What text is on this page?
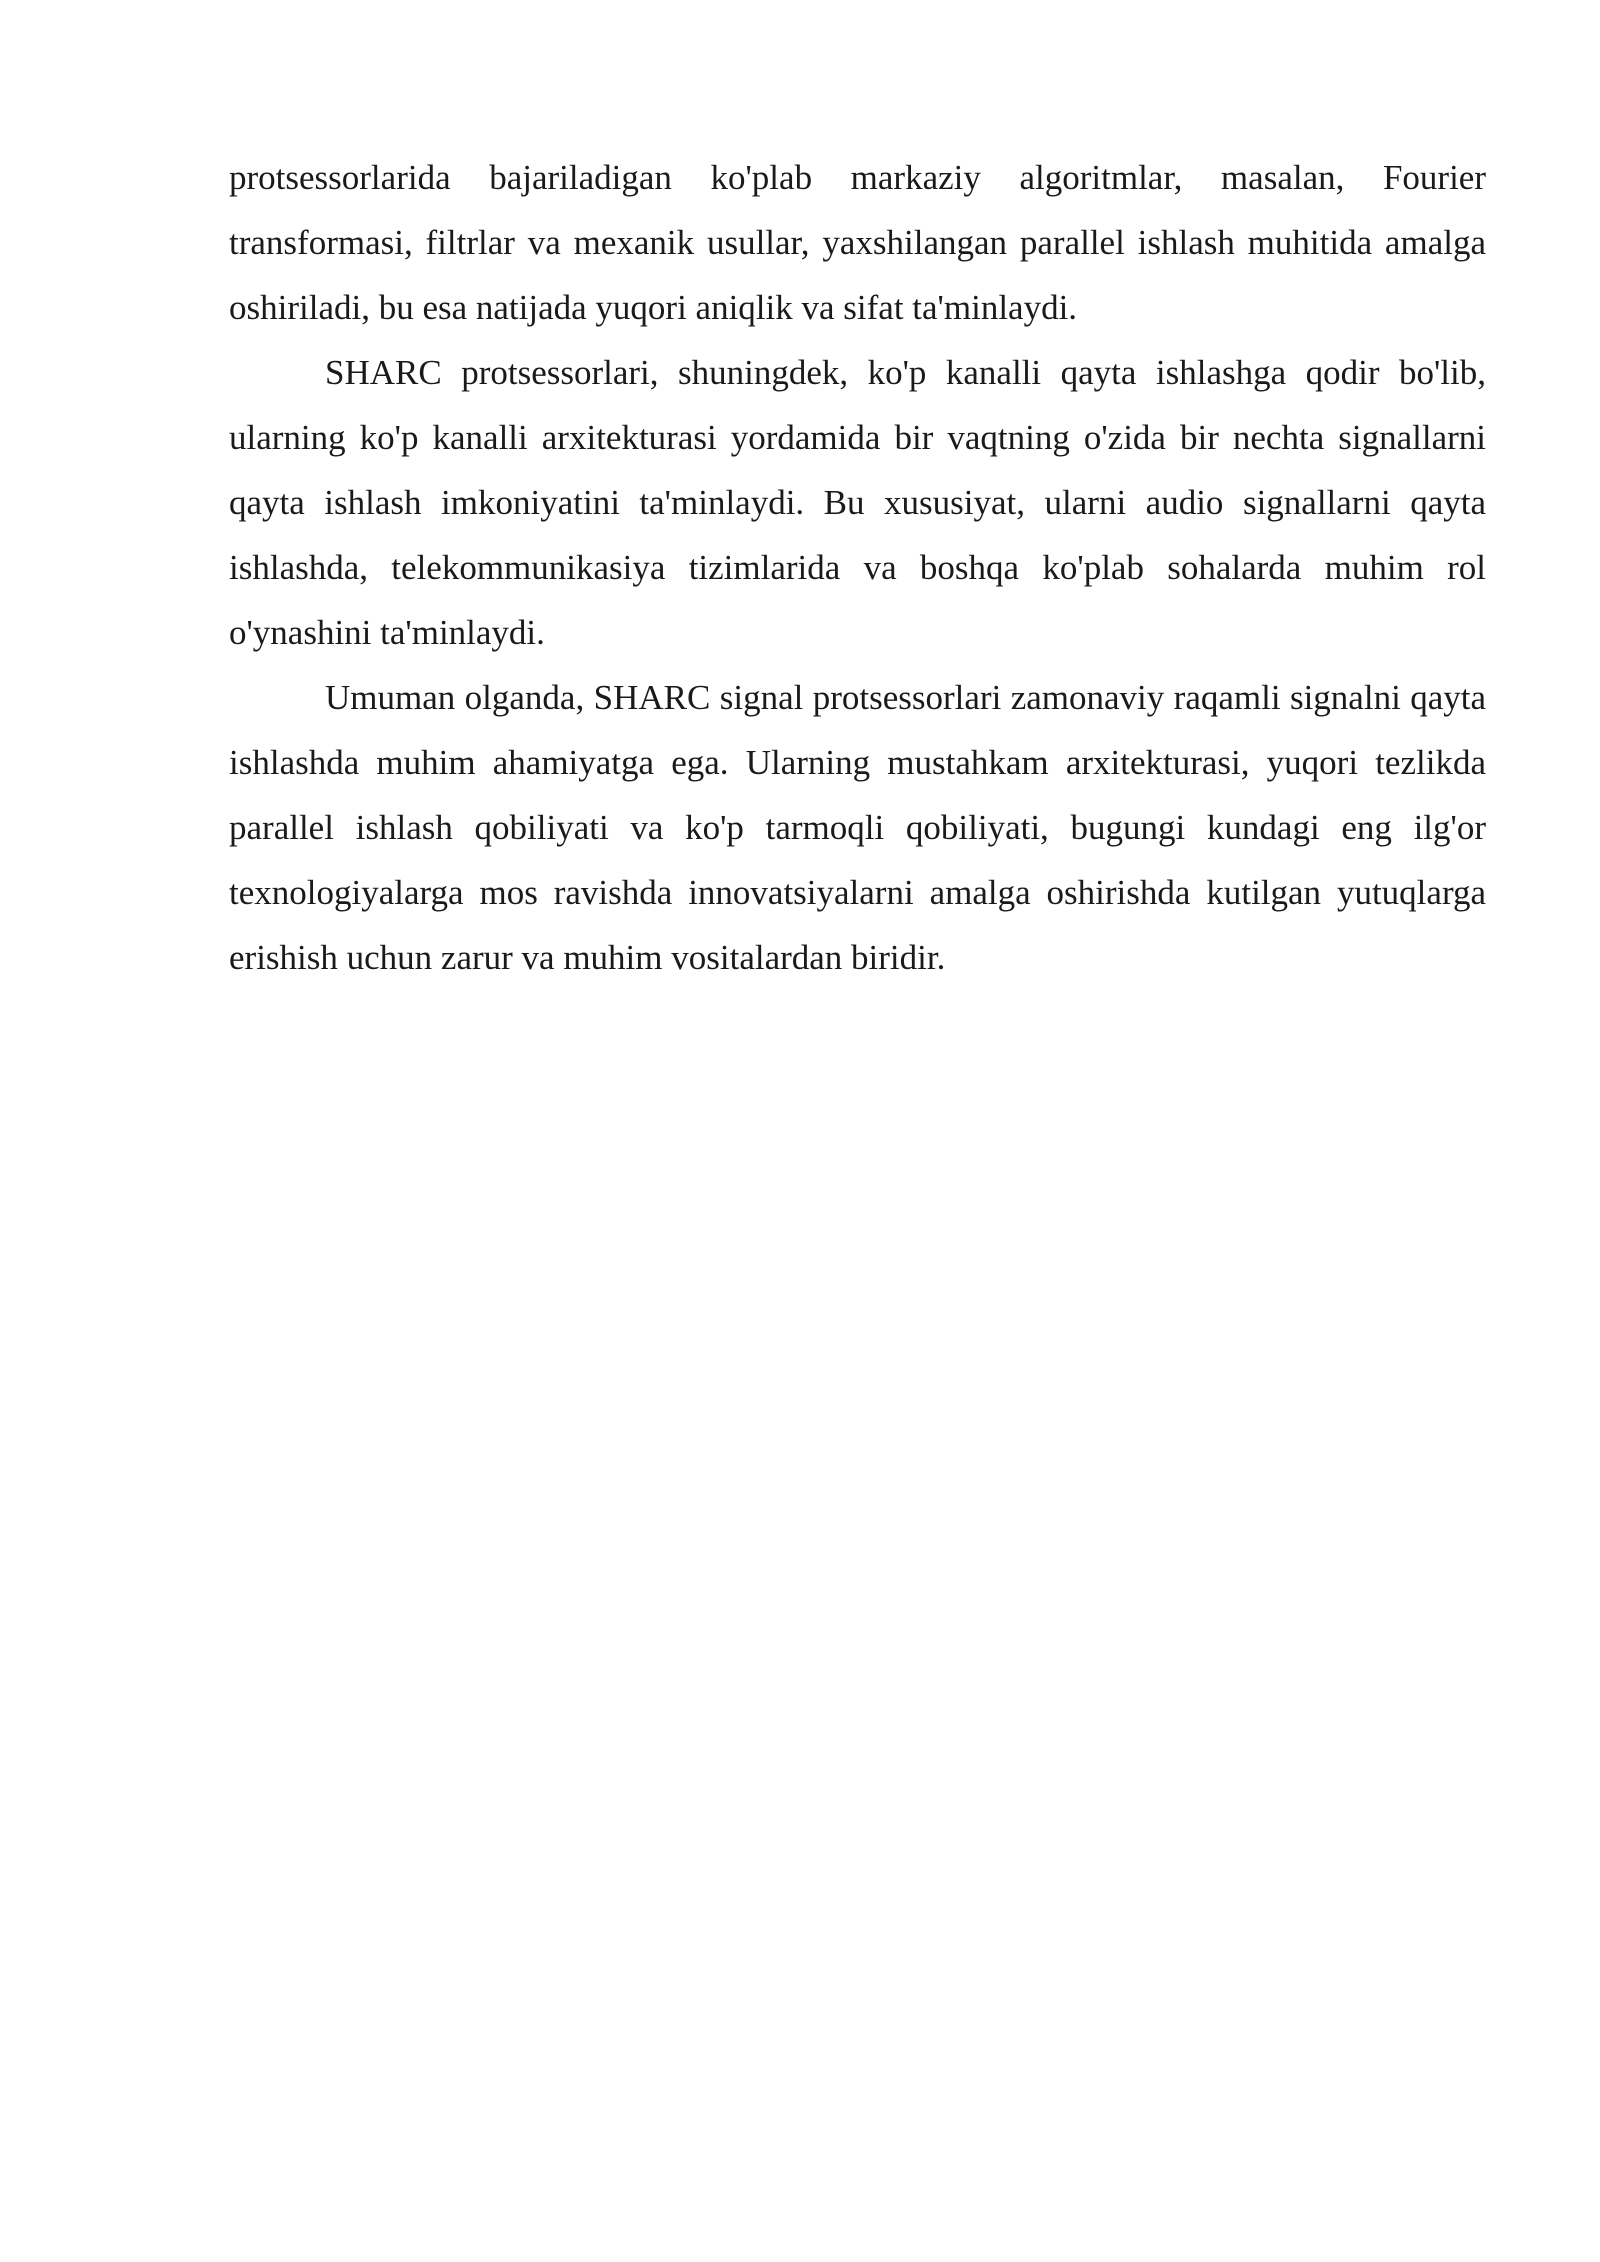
protsessorlarida bajariladigan ko'plab markaziy algoritmlar, masalan, Fourier transformasi, filtrlar va mexanik usullar, yaxshilangan parallel ishlash muhitida amalga oshiriladi, bu esa natijada yuqori aniqlik va sifat ta'minlaydi.

SHARC protsessorlari, shuningdek, ko'p kanalli qayta ishlashga qodir bo'lib, ularning ko'p kanalli arxitekturasi yordamida bir vaqtning o'zida bir nechta signallarni qayta ishlash imkoniyatini ta'minlaydi. Bu xususiyat, ularni audio signallarni qayta ishlashda, telekommunikasiya tizimlarida va boshqa ko'plab sohalarda muhim rol o'ynashini ta'minlaydi.

Umuman olganda, SHARC signal protsessorlari zamonaviy raqamli signalni qayta ishlashda muhim ahamiyatga ega. Ularning mustahkam arxitekturasi, yuqori tezlikda parallel ishlash qobiliyati va ko'p tarmoqli qobiliyati, bugungi kundagi eng ilg'or texnologiyalarga mos ravishda innovatsiyalarni amalga oshirishda kutilgan yutuqlarga erishish uchun zarur va muhim vositalardan biridir.
